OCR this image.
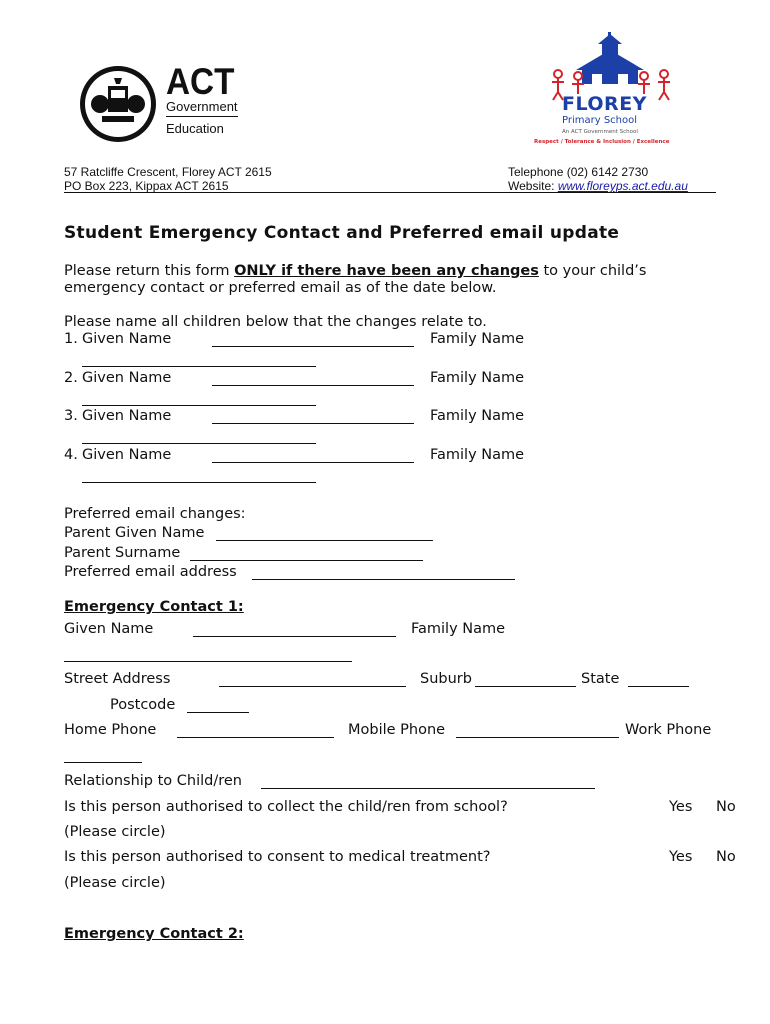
ACT
Government
Education
FLOREY
Primary School
An ACT Government School
Respect / Tolerance & Inclusion / Excellence
57 Ratcliffe Crescent, Florey ACT 2615
PO Box 223, Kippax ACT 2615
Telephone (02) 6142 2730
Website: www.floreyps.act.edu.au
Student Emergency Contact and Preferred email update
Please return this form ONLY if there have been any changes to your child’s
emergency contact or preferred email as of the date below.
Please name all children below that the changes relate to.
1. Given Name	Family Name
2. Given Name	Family Name
3. Given Name	Family Name
4. Given Name	Family Name
Preferred email changes:
Parent Given Name
Parent Surname
Preferred email address
Emergency Contact 1:
Given Name	Family Name
Street Address	Suburb	State
Postcode
Home Phone	Mobile Phone	Work Phone
Relationship to Child/ren
Is this person authorised to collect the child/ren from school?	Yes No
(Please circle)
Is this person authorised to consent to medical treatment?	Yes No
(Please circle)
Emergency Contact 2:
